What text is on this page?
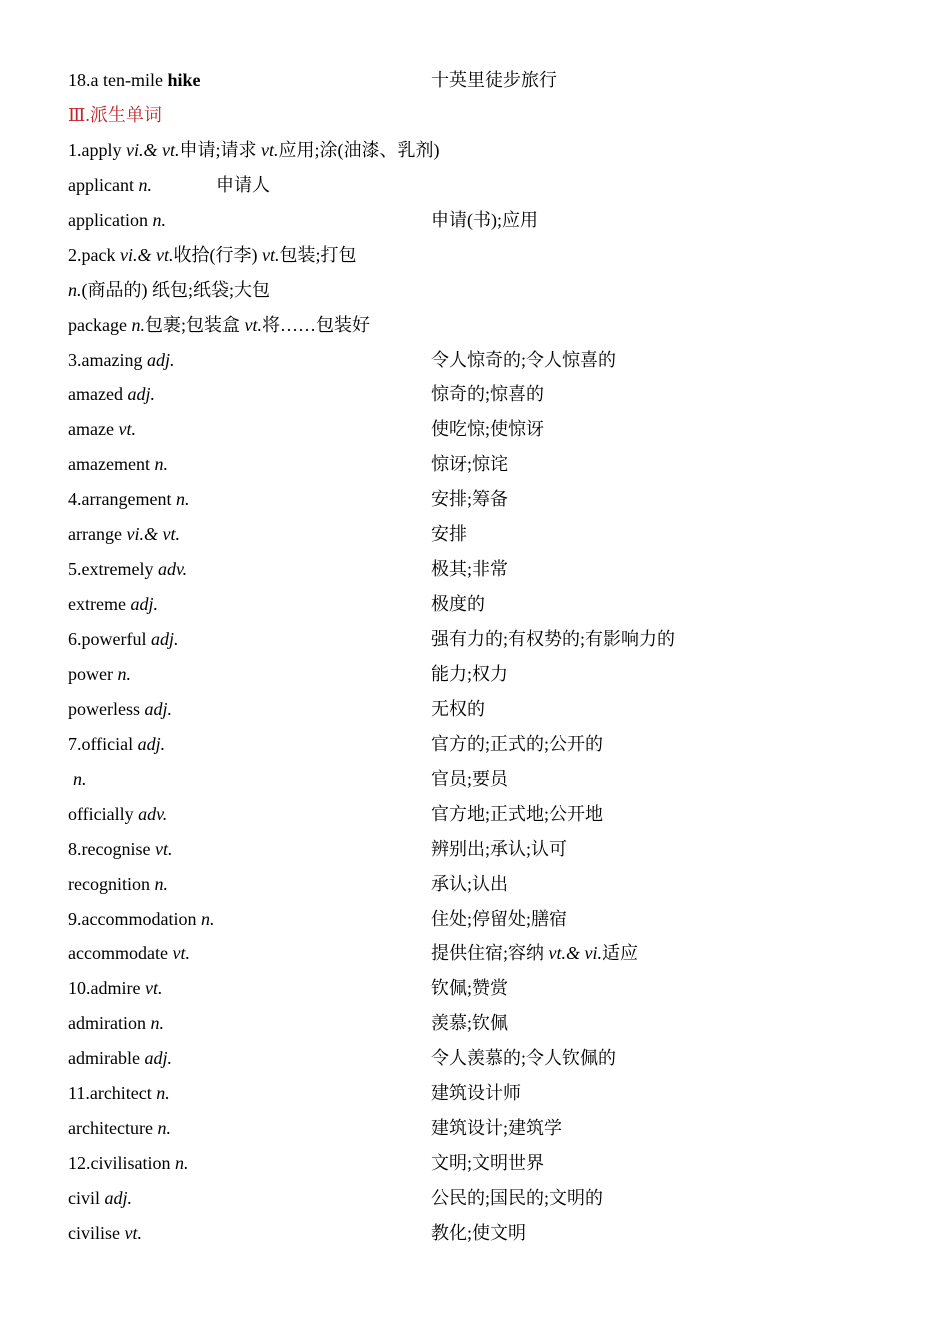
18.a ten-mile hike	十英里徒步旅行
Ⅲ.派生单词
1.apply vi.& vt.申请;请求 vt.应用;涂(油漆、乳剂)
applicant n.	申请人
application n.	申请(书);应用
2.pack vi.& vt.收拾(行李) vt.包装;打包
n.(商品的) 纸包;纸袋;大包
package n.包裹;包装盒 vt.将……包装好
3.amazing adj.	令人惊奇的;令人惊喜的
amazed adj.	惊奇的;惊喜的
amaze vt.	使吃惊;使惊讶
amazement n.	惊讶;惊诧
4.arrangement n.	安排;筹备
arrange vi.& vt.	安排
5.extremely adv.	极其;非常
extreme adj.	极度的
6.powerful adj.	强有力的;有权势的;有影响力的
power n.	能力;权力
powerless adj.	无权的
7.official adj.	官方的;正式的;公开的
n.	官员;要员
officially adv.	官方地;正式地;公开地
8.recognise vt.	辨别出;承认;认可
recognition n.	承认;认出
9.accommodation n.	住处;停留处;膳宿
accommodate vt.	提供住宿;容纳 vt.& vi.适应
10.admire vt.	钦佩;赞赏
admiration n.	羡慕;钦佩
admirable adj.	令人羡慕的;令人钦佩的
11.architect n.	建筑设计师
architecture n.	建筑设计;建筑学
12.civilisation n.	文明;文明世界
civil adj.	公民的;国民的;文明的
civilise vt.	教化;使文明
